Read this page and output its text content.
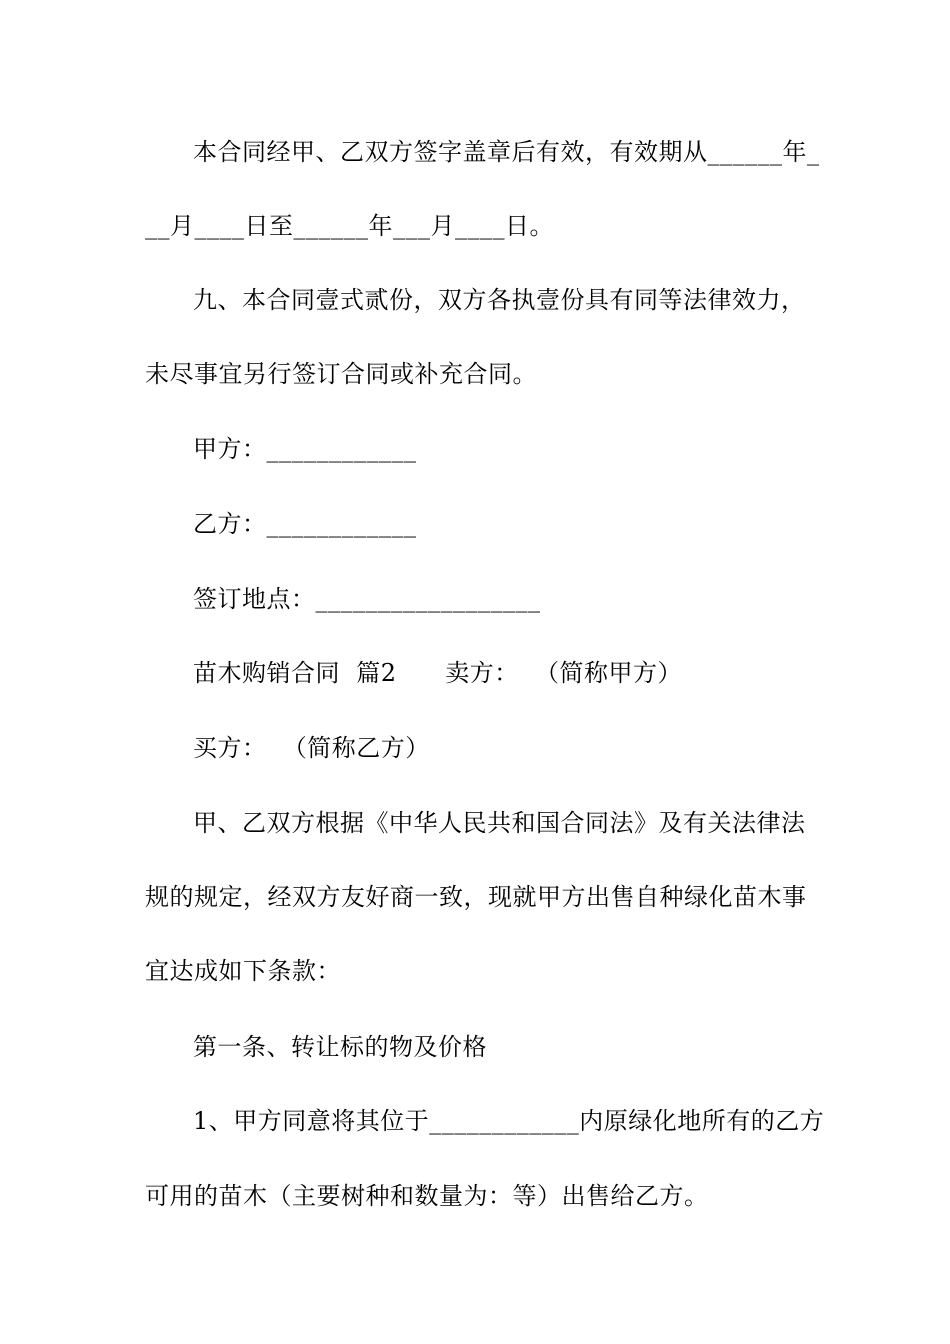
本合同经甲、乙双方签字盖章后有效，有效期从______年_
__月____日至______年___月____日。
九、本合同壹式贰份，双方各执壹份具有同等法律效力，
未尽事宜另行签订合同或补充合同。
甲方：____________
乙方：____________
签订地点：__________________
苗木购销合同  篇2      卖方：  （简称甲方）
买方：  （简称乙方）
甲、乙双方根据《中华人民共和国合同法》及有关法律法
规的规定，经双方友好商一致，现就甲方出售自种绿化苗木事
宜达成如下条款：
第一条、转让标的物及价格
1、甲方同意将其位于____________内原绿化地所有的乙方
可用的苗木（主要树种和数量为：等）出售给乙方。
